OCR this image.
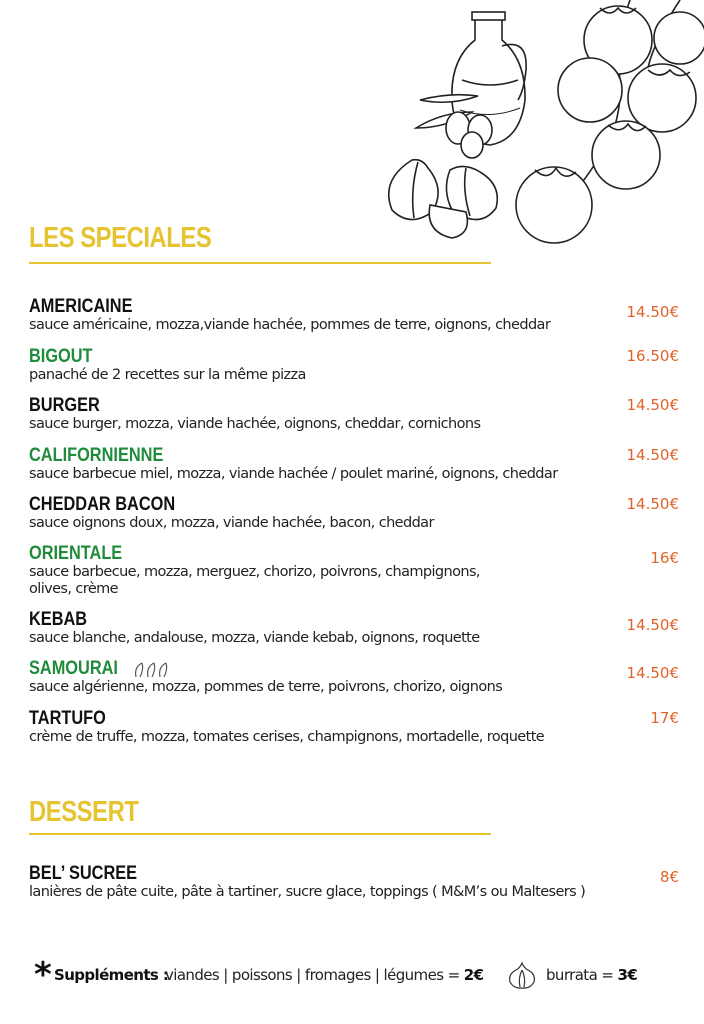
LES SPECIALES
AMERICAINE
sauce américaine, mozza,viande hachée, pommes de terre, oignons, cheddar
14.50€
BIGOUT
panaché de 2 recettes sur la même pizza
16.50€
BURGER
sauce burger, mozza, viande hachée, oignons, cheddar, cornichons
14.50€
CALIFORNIENNE
sauce barbecue miel, mozza, viande hachée / poulet mariné, oignons, cheddar
14.50€
CHEDDAR BACON
sauce oignons doux, mozza, viande hachée, bacon, cheddar
14.50€
ORIENTALE
sauce barbecue, mozza, merguez, chorizo, poivrons, champignons,
olives, crème
16€
KEBAB
sauce blanche, andalouse, mozza, viande kebab, oignons, roquette
14.50€
SAMOURAI
sauce algérienne, mozza, pommes de terre, poivrons, chorizo, oignons
14.50€
TARTUFO
crème de truffe, mozza, tomates cerises, champignons, mortadelle, roquette
17€
DESSERT
BEL’ SUCREE
lanières de pâte cuite, pâte à tartiner, sucre glace, toppings ( M&M’s ou Maltesers )
8€
* Suppléments :
viandes | poissons | fromages | légumes = 2€	burrata = 3€
